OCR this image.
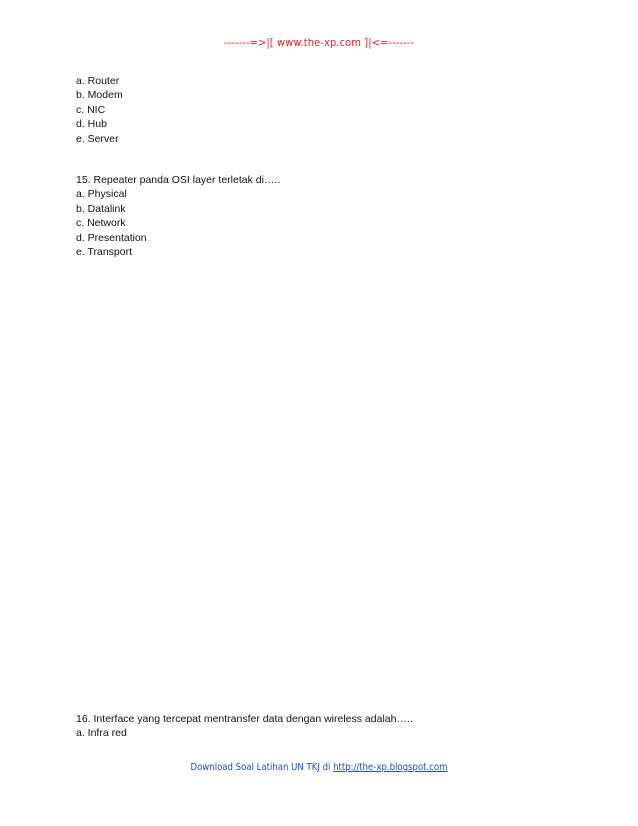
-------=>|[ www.the-xp.com ]|<=-------
a. Router
b. Modem
c. NIC
d. Hub
e. Server
15. Repeater panda OSI layer terletak di…..
a. Physical
b. Datalink
c. Network
d. Presentation
e. Transport
16. Interface yang tercepat mentransfer data dengan wireless adalah…..
a. Infra red
Download Soal Latihan UN TKJ di http://the-xp.blogspot.com
